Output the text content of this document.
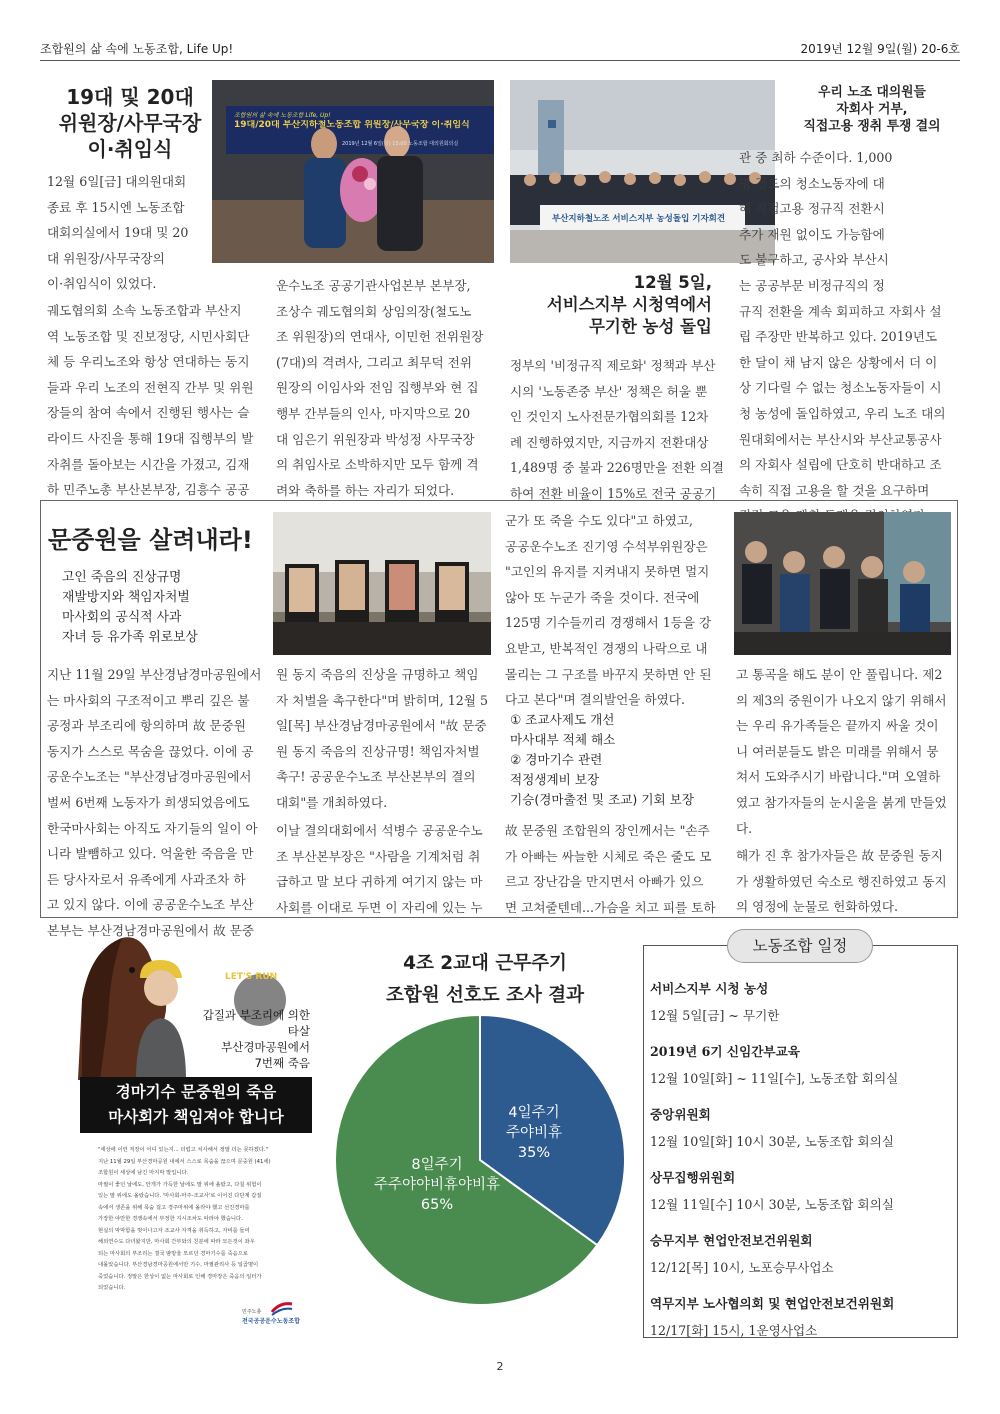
조합원의 삶 속에 노동조합, Life Up!	2019년 12월 9일(월) 20-6호
19대 및 20대
위원장/사무국장
이·취임식
조합원의 삶 속에 노동조합 Life, Up!
19대/20대 부산지하철노동조합 위원장/사무국장 이·취임식
2019년 12월 6일(금) 15:00 노동조합 대의원회의실
12월 6일[금] 대의원대회
종료 후 15시엔 노동조합
대회의실에서 19대 및 20
대 위원장/사무국장의
이·취임식이 있었다.
궤도협의회 소속 노동조합과 부산지
역 노동조합 및 진보정당, 시민사회단
체 등 우리노조와 항상 연대하는 동지
들과 우리 노조의 전현직 간부 및 위원
장들의 참여 속에서 진행된 행사는 슬
라이드 사진을 통해 19대 집행부의 발
자취를 돌아보는 시간을 가졌고, 김재
하 민주노총 부산본부장, 김흥수 공공
운수노조 공공기관사업본부 본부장,
조상수 궤도협의회 상임의장(철도노
조 위원장)의 연대사, 이민헌 전위원장
(7대)의 격려사, 그리고 최무덕 전위
원장의 이임사와 전임 집행부와 현 집
행부 간부들의 인사, 마지막으로 20
대 임은기 위원장과 박성정 사무국장
의 취임사로 소박하지만 모두 함께 격
려와 축하를 하는 자리가 되었다.
부산지하철노조 서비스지부 농성돌입 기자회견
12월 5일,
서비스지부 시청역에서
무기한 농성 돌입
우리 노조 대의원들
자회사 거부,
직접고용 쟁취 투쟁 결의
정부의 '비정규직 제로화' 정책과 부산
시의 '노동존중 부산' 정책은 허울 뿐
인 것인지 노사전문가협의회를 12차
례 진행하였지만, 지금까지 전환대상
1,489명 중 불과 226명만을 전환 의결
하여 전환 비율이 15%로 전국 공공기
관 중 최하 수준이다. 1,000
명 정도의 청소노동자에 대
해 직접고용 정규직 전환시
추가 재원 없이도 가능함에
도 불구하고, 공사와 부산시
는 공공부문 비정규직의 정
규직 전환을 계속 회피하고 자회사 설
립 주장만 반복하고 있다. 2019년도
한 달이 채 남지 않은 상황에서 더 이
상 기다릴 수 없는 청소노동자들이 시
청 농성에 돌입하였고, 우리 노조 대의
원대회에서는 부산시와 부산교통공사
의 자회사 설립에 단호히 반대하고 조
속히 직접 고용을 할 것을 요구하며

문중원을 살려내라!
고인 죽음의 진상규명
재발방지와 책임자처벌
마사회의 공식적 사과
자녀 등 유가족 위로보상
지난 11월 29일 부산경남경마공원에서
는 마사회의 구조적이고 뿌리 깊은 불
공정과 부조리에 항의하며 故 문중원
동지가 스스로 목숨을 끊었다. 이에 공
공운수노조는 "부산경남경마공원에서
벌써 6번째 노동자가 희생되었음에도
한국마사회는 아직도 자기들의 일이 아
니라 발뺌하고 있다. 억울한 죽음을 만
든 당사자로서 유족에게 사과조차 하
고 있지 않다. 이에 공공운수노조 부산
본부는 부산경남경마공원에서 故 문중
원 동지 죽음의 진상을 규명하고 책임
자 처벌을 촉구한다"며 밝히며, 12월 5
일[목] 부산경남경마공원에서 "故 문중
원 동지 죽음의 진상규명! 책임자처벌
촉구! 공공운수노조 부산본부의 결의
대회"를 개최하였다.
이날 결의대회에서 석병수 공공운수노
조 부산본부장은 "사람을 기계처럼 취
급하고 말 보다 귀하게 여기지 않는 마
사회를 이대로 두면 이 자리에 있는 누
군가 또 죽을 수도 있다"고 하였고,
공공운수노조 진기영 수석부위원장은
"고인의 유지를 지켜내지 못하면 멀지
않아 또 누군가 죽을 것이다. 전국에
125명 기수들끼리 경쟁해서 1등을 강
요받고, 반복적인 경쟁의 나락으로 내
몰리는 그 구조를 바꾸지 못하면 안 된
다고 본다"며 결의발언을 하였다.
① 조교사제도 개선
마사대부 적체 해소
② 경마기수 관련
적정생계비 보장
기승(경마출전 및 조교) 기회 보장
故 문중원 조합원의 장인께서는 "손주
가 아빠는 싸늘한 시체로 죽은 줄도 모
르고 장난감을 만지면서 아빠가 있으
면 고쳐줄텐데...가슴을 치고 피를 토하
고 통곡을 해도 분이 안 풀립니다. 제2
의 제3의 중원이가 나오지 않기 위해서
는 우리 유가족들은 끝까지 싸울 것이
니 여러분들도 밝은 미래를 위해서 뭉
쳐서 도와주시기 바랍니다."며 오열하
였고 참가자들의 눈시울을 붉게 만들었
다.
해가 진 후 참가자들은 故 문중원 동지
가 생활하였던 숙소로 행진하였고 동지
의 영정에 눈물로 헌화하였다.
LET'S RUN
갑질과 부조리에 의한 타살
부산경마공원에서
7번째 죽음
경마기수 문중원의 죽음
마사회가 책임져야 합니다
"세상에 이런 직장이 어디 있는지... 더럽고 치사해서 정말 더는 못하겠다."
지난 11월 29일 부산경마공원 내에서 스스로 목숨을 끊으며 문중원 (41세)
조합원이 세상에 남긴 마지막 말입니다.
마필이 좋던 날에도, 안개가 가득한 날에도 말 위에 올랐고, 다칠 위험이
있는 말 위에도 올랐습니다. '마사회-마주-조교사'로 이어진 다단계 갑질
속에서 생존을 위해 목숨 걸고 경주마위에 올라야 했고 선진경마를
가장한 야만한 경쟁속에서 부정한 지시조차도 따라야 했습니다.
현실의 막막함을 벗어나고자 조교사 자격을 취득하고, 자비를 들여
해외연수도 다녀왔지만, 마사회 간부와의 친분에 따라 모든것이 좌우
되는 마사회의 부조리는 결국 땀방울 모르던 경마기수를 죽음으로
내몰았습니다. 부산경남경마공원에서만 기수, 마필관리사 등 일곱명이
죽었습니다. 정말은 한상이 없는 마사회로 인해 경마장은 죽음의 일터가
되었습니다.
민주노총
전국공공운수노동조합
4조 2교대 근무주기
조합원 선호도 조사 결과
4일주기
주야비휴
35%
8일주기
주주야야비휴야비휴
65%
노동조합 일정
서비스지부 시청 농성
12월 5일[금] ~ 무기한
2019년 6기 신임간부교육
12월 10일[화] ~ 11일[수], 노동조합 회의실
중앙위원회
12월 10일[화] 10시 30분, 노동조합 회의실
상무집행위원회
12월 11일[수] 10시 30분, 노동조합 회의실
승무지부 현업안전보건위원회
12/12[목] 10시, 노포승무사업소
역무지부 노사협의회 및 현업안전보건위원회
12/17[화] 15시, 1운영사업소
2
